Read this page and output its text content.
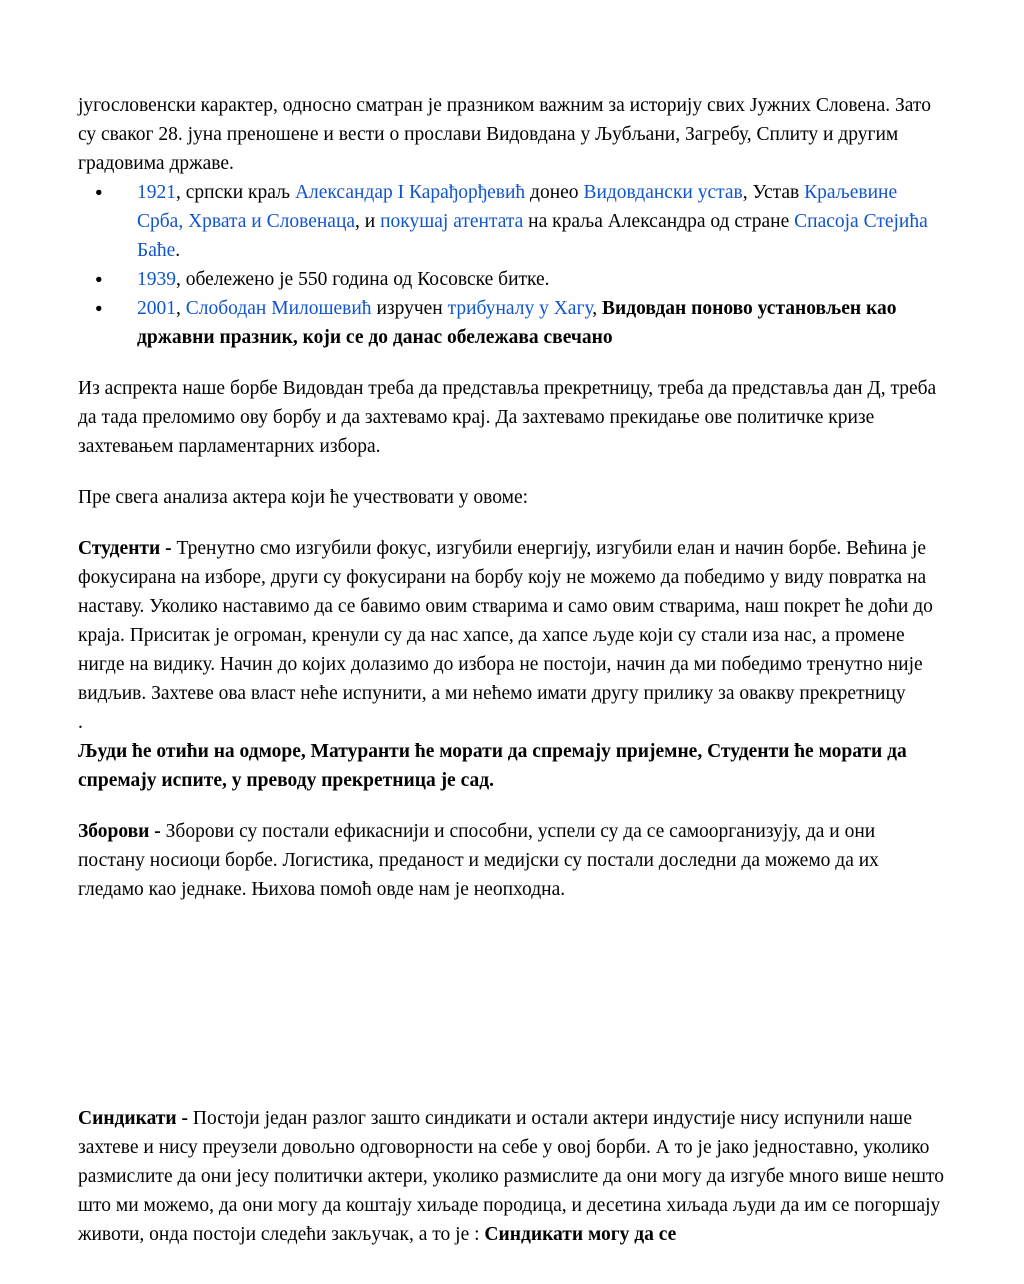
југословенски карактер, односно сматран је празником важним за историју свих Јужних Словена. Зато су сваког 28. јуна преношене и вести о прослави Видовдана у Љубљани, Загребу, Сплиту и другим градовима државе.

●	1921, српски краљ Александар I Карађорђевић донео Видовдански устав, Устав Краљевине Срба, Хрвата и Словенаца, и покушај атентата на краља Александра од стране Спасоја Стејића Баће.
●	1939, обележено је 550 година од Косовске битке.
●	2001, Слободан Милошевић изручен трибуналу у Хагу, Видовдан поново установљен као државни празник, који се до данас обележава свечано

Из аспректа наше борбе Видовдан треба да представља прекретницу, треба да представља дан Д, треба да тада преломимо ову борбу и да захтевамо крај. Да захтевамо прекидање ове политичке кризе захтевањем парламентарних избора.

Пре свега анализа актера који ће учествовати у овоме:

Студенти - Тренутно смо изгубили фокус, изгубили енергију, изгубили елан и начин борбе. Већина је фокусирана на изборе, други су фокусирани на борбу коју не можемо да победимо у виду повратка на наставу. Уколико наставимо да се бавимо овим стварима и само овим стварима, наш покрет ће доћи до краја. Приситак је огроман, кренули су да нас хапсе, да хапсе људе који су стали иза нас, а промене нигде на видику. Начин до којих долазимо до избора не постоји, начин да ми победимо тренутно није видљив. Захтеве ова власт неће испунити, а ми нећемо имати другу прилику за овакву прекретницу

.

Људи ће отићи на одморе, Матуранти ће морати да спремају пријемне, Студенти ће морати да спремају испите, у преводу прекретница је сад.

Зборови - Зборови су постали ефикаснији и способни, успели су да се самоорганизују, да и они постану носиоци борбе. Логистика, преданост и медијски су постали доследни да можемо да их гледамо као једнаке. Њихова помоћ овде нам је неопходна.

Синдикати - Постоји један разлог зашто синдикати и остали актери индустије нису испунили наше захтеве и нису преузели довољно одговорности на себе у овој борби. А то је јако једноставно, уколико размислите да они јесу политички актери, уколико размислите да они могу да изгубе много више нешто што ми можемо, да они могу да коштају хиљаде породица, и десетина хиљада људи да им се погоршају животи, онда постоји следећи закључак, а то је : Синдикати могу да се
